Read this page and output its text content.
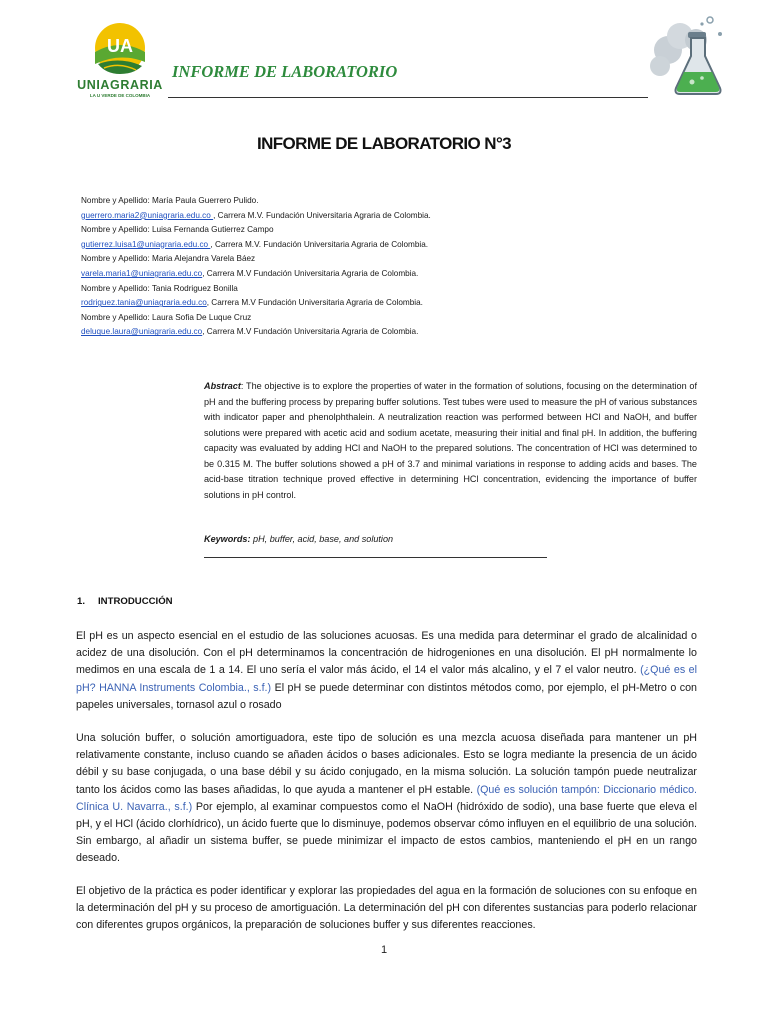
UA
UNIAGRARIA
LA U VERDE DE COLOMBIA
INFORME DE LABORATORIO
INFORME DE LABORATORIO N°3
Nombre y Apellido: María Paula Guerrero Pulido.
guerrero.maria2@uniagraria.edu.co , Carrera M.V. Fundación Universitaria Agraria de Colombia.
Nombre y Apellido: Luisa Fernanda Gutierrez Campo
gutierrez.luisa1@uniagraria.edu.co , Carrera M.V. Fundación Universitaria Agraria de Colombia.
Nombre y Apellido: Maria Alejandra Varela Báez
varela.maria1@uniagraria.edu.co, Carrera M.V Fundación Universitaria Agraria de Colombia.
Nombre y Apellido: Tania Rodriguez Bonilla
rodriguez.tania@uniagraria.edu.co, Carrera M.V Fundación Universitaria Agraria de Colombia.
Nombre y Apellido: Laura Sofia De Luque Cruz
deluque.laura@uniagraria.edu.co, Carrera M.V Fundación Universitaria Agraria de Colombia.
Abstract: The objective is to explore the properties of water in the formation of solutions, focusing on the determination of pH and the buffering process by preparing buffer solutions. Test tubes were used to measure the pH of various substances with indicator paper and phenolphthalein. A neutralization reaction was performed between HCl and NaOH, and buffer solutions were prepared with acetic acid and sodium acetate, measuring their initial and final pH. In addition, the buffering capacity was evaluated by adding HCl and NaOH to the prepared solutions. The concentration of HCl was determined to be 0.315 M. The buffer solutions showed a pH of 3.7 and minimal variations in response to adding acids and bases. The acid-base titration technique proved effective in determining HCl concentration, evidencing the importance of buffer solutions in pH control.
Keywords: pH, buffer, acid, base, and solution
1. INTRODUCCIÓN
El pH es un aspecto esencial en el estudio de las soluciones acuosas. Es una medida para determinar el grado de alcalinidad o acidez de una disolución. Con el pH determinamos la concentración de hidrogeniones en una disolución. El pH normalmente lo medimos en una escala de 1 a 14. El uno sería el valor más ácido, el 14 el valor más alcalino, y el 7 el valor neutro. (¿Qué es el pH? HANNA Instruments Colombia., s.f.) El pH se puede determinar con distintos métodos como, por ejemplo, el pH-Metro o con papeles universales, tornasol azul o rosado
Una solución buffer, o solución amortiguadora, este tipo de solución es una mezcla acuosa diseñada para mantener un pH relativamente constante, incluso cuando se añaden ácidos o bases adicionales. Esto se logra mediante la presencia de un ácido débil y su base conjugada, o una base débil y su ácido conjugado, en la misma solución. La solución tampón puede neutralizar tanto los ácidos como las bases añadidas, lo que ayuda a mantener el pH estable. (Qué es solución tampón: Diccionario médico. Clínica U. Navarra., s.f.) Por ejemplo, al examinar compuestos como el NaOH (hidróxido de sodio), una base fuerte que eleva el pH, y el HCl (ácido clorhídrico), un ácido fuerte que lo disminuye, podemos observar cómo influyen en el equilibrio de una solución. Sin embargo, al añadir un sistema buffer, se puede minimizar el impacto de estos cambios, manteniendo el pH en un rango deseado.
El objetivo de la práctica es poder identificar y explorar las propiedades del agua en la formación de soluciones con su enfoque en la determinación del pH y su proceso de amortiguación. La determinación del pH con diferentes sustancias para poderlo relacionar con diferentes grupos orgánicos, la preparación de soluciones buffer y sus diferentes reacciones.
1
